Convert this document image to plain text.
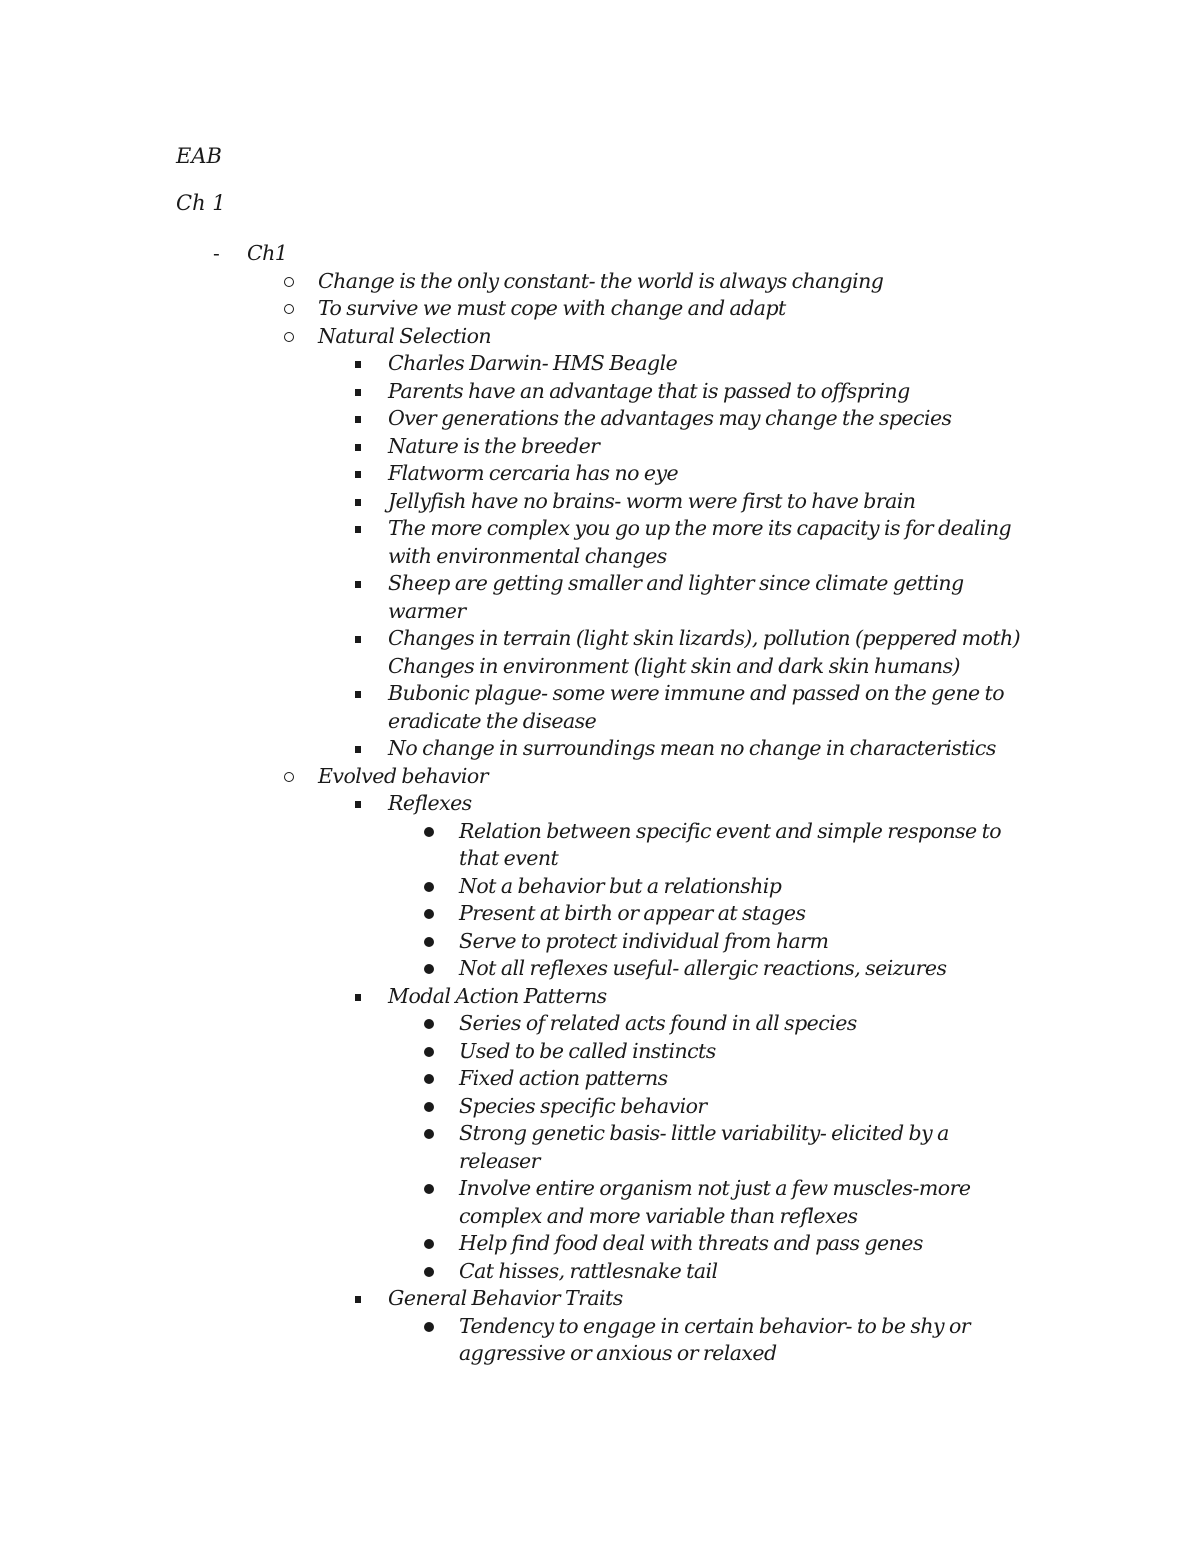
EAB
Ch 1
-	Ch1
Change is the only constant- the world is always changing
To survive we must cope with change and adapt
Natural Selection
Charles Darwin- HMS Beagle
Parents have an advantage that is passed to offspring
Over generations the advantages may change the species
Nature is the breeder
Flatworm cercaria has no eye
Jellyfish have no brains- worm were first to have brain
The more complex you go up the more its capacity is for dealing
with environmental changes
Sheep are getting smaller and lighter since climate getting
warmer
Changes in terrain (light skin lizards), pollution (peppered moth)
Changes in environment (light skin and dark skin humans)
Bubonic plague- some were immune and passed on the gene to
eradicate the disease
No change in surroundings mean no change in characteristics
Evolved behavior
Reflexes
Relation between specific event and simple response to
that event
Not a behavior but a relationship
Present at birth or appear at stages
Serve to protect individual from harm
Not all reflexes useful- allergic reactions, seizures
Modal Action Patterns
Series of related acts found in all species
Used to be called instincts
Fixed action patterns
Species specific behavior
Strong genetic basis- little variability- elicited by a
releaser
Involve entire organism not just a few muscles-more
complex and more variable than reflexes
Help find food deal with threats and pass genes
Cat hisses, rattlesnake tail
General Behavior Traits
Tendency to engage in certain behavior- to be shy or
aggressive or anxious or relaxed
